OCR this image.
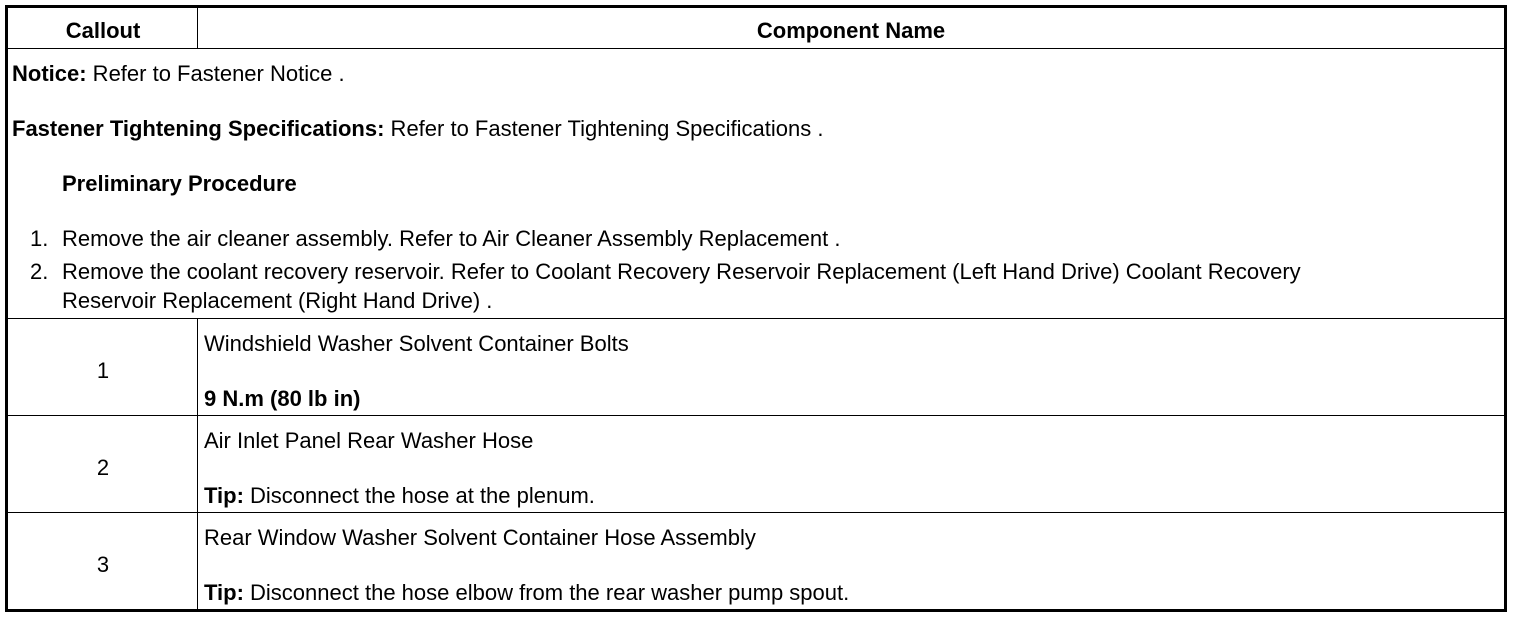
Callout	Component Name
Notice: Refer to Fastener Notice .
Fastener Tightening Specifications: Refer to Fastener Tightening Specifications .
Preliminary Procedure
1. Remove the air cleaner assembly. Refer to Air Cleaner Assembly Replacement .
2. Remove the coolant recovery reservoir. Refer to Coolant Recovery Reservoir Replacement (Left Hand Drive) Coolant Recovery
Reservoir Replacement (Right Hand Drive) .
1
Windshield Washer Solvent Container Bolts
9 N.m (80 lb in)
2
Air Inlet Panel Rear Washer Hose
Tip: Disconnect the hose at the plenum.
3
Rear Window Washer Solvent Container Hose Assembly
Tip: Disconnect the hose elbow from the rear washer pump spout.
